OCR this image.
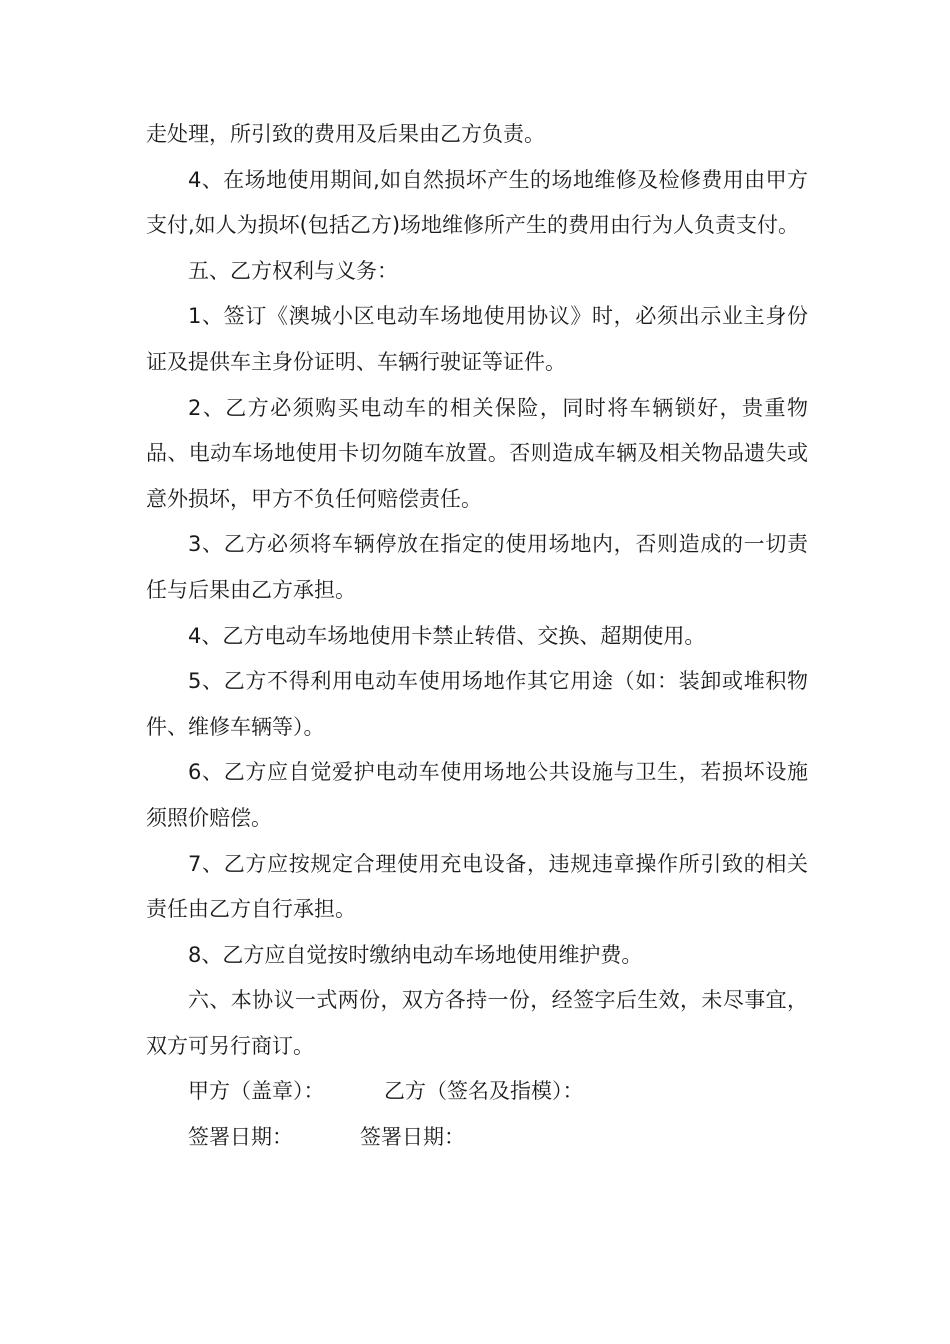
走处理，所引致的费用及后果由乙方负责。

4、在场地使用期间,如自然损坏产生的场地维修及检修费用由甲方支付,如人为损坏(包括乙方)场地维修所产生的费用由行为人负责支付。

五、乙方权利与义务：

1、签订《澳城小区电动车场地使用协议》时，必须出示业主身份证及提供车主身份证明、车辆行驶证等证件。

2、乙方必须购买电动车的相关保险，同时将车辆锁好，贵重物品、电动车场地使用卡切勿随车放置。否则造成车辆及相关物品遗失或意外损坏，甲方不负任何赔偿责任。

3、乙方必须将车辆停放在指定的使用场地内，否则造成的一切责任与后果由乙方承担。

4、乙方电动车场地使用卡禁止转借、交换、超期使用。

5、乙方不得利用电动车使用场地作其它用途（如：装卸或堆积物件、维修车辆等）。

6、乙方应自觉爱护电动车使用场地公共设施与卫生，若损坏设施须照价赔偿。

7、乙方应按规定合理使用充电设备，违规违章操作所引致的相关责任由乙方自行承担。

8、乙方应自觉按时缴纳电动车场地使用维护费。

六、本协议一式两份，双方各持一份，经签字后生效，未尽事宜，双方可另行商订。

甲方（盖章）：	乙方（签名及指模）：

签署日期：	签署日期：
